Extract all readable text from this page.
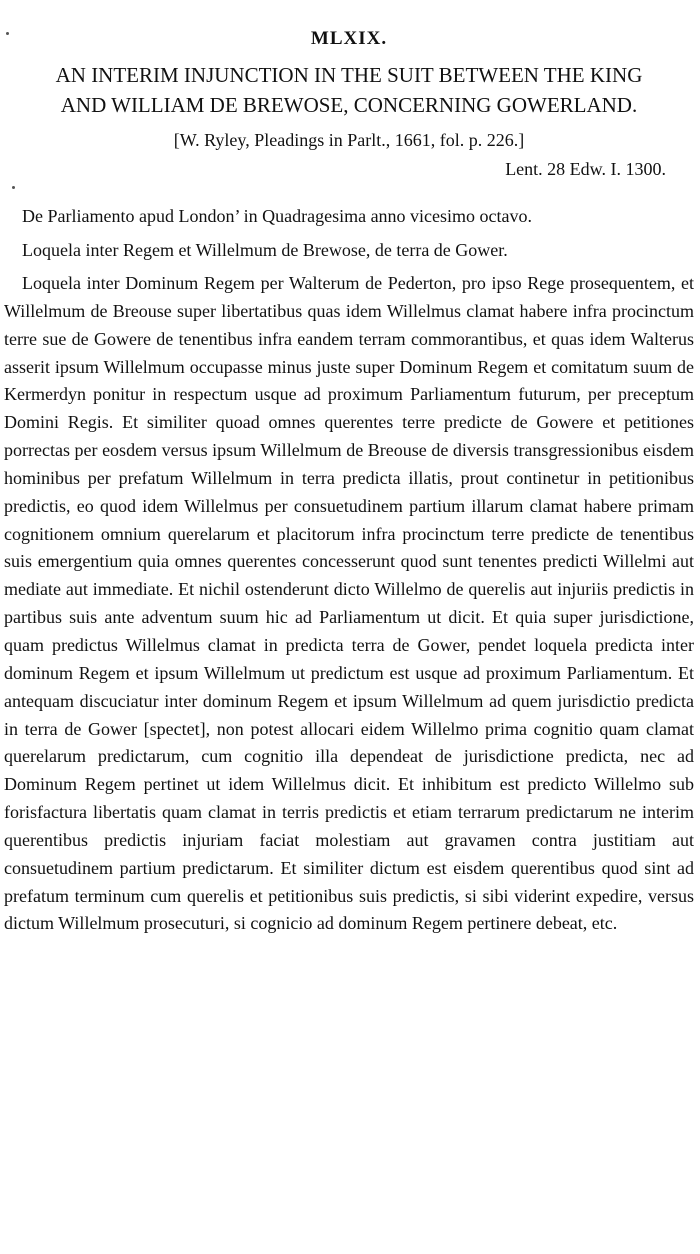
MLXIX.
AN INTERIM INJUNCTION IN THE SUIT BETWEEN THE KING
AND WILLIAM DE BREWOSE, CONCERNING GOWERLAND.
[W. Ryley, Pleadings in Parlt., 1661, fol. p. 226.]
Lent. 28 Edw. I. 1300.

De Parliamento apud London’ in Quadragesima anno vicesimo octavo.

Loquela inter Regem et Willelmum de Brewose, de terra de Gower.

Loquela inter Dominum Regem per Walterum de Pederton, pro ipso Rege prosequentem, et Willelmum de Breouse super libertatibus quas idem Willelmus clamat habere infra procinctum terre sue de Gowere de tenentibus infra eandem terram commorantibus, et quas idem Walterus asserit ipsum Willelmum occupasse minus juste super Dominum Regem et comitatum suum de Kermerdyn ponitur in respectum usque ad proximum Parliamentum futurum, per preceptum Domini Regis. Et similiter quoad omnes querentes terre predicte de Gowere et petitiones porrectas per eosdem versus ipsum Willelmum de Breouse de diversis transgressionibus eisdem hominibus per prefatum Willelmum in terra predicta illatis, prout continetur in petitionibus predictis, eo quod idem Willelmus per consuetudinem partium illarum clamat habere primam cognitionem omnium querelarum et placitorum infra procinctum terre predicte de tenentibus suis emergentium quia omnes querentes concesserunt quod sunt tenentes predicti Willelmi aut mediate aut immediate. Et nichil ostenderunt dicto Willelmo de querelis aut injuriis predictis in partibus suis ante adventum suum hic ad Parliamentum ut dicit. Et quia super jurisdictione, quam predictus Willelmus clamat in predicta terra de Gower, pendet loquela predicta inter dominum Regem et ipsum Willelmum ut predictum est usque ad proximum Parliamentum. Et antequam discuciatur inter dominum Regem et ipsum Willelmum ad quem jurisdictio predicta in terra de Gower [spectet], non potest allocari eidem Willelmo prima cognitio quam clamat querelarum predictarum, cum cognitio illa dependeat de jurisdictione predicta, nec ad Dominum Regem pertinet ut idem Willelmus dicit. Et inhibitum est predicto Willelmo sub forisfactura libertatis quam clamat in terris predictis et etiam terrarum predictarum ne interim querentibus predictis injuriam faciat molestiam aut gravamen contra justitiam aut consuetudinem partium predictarum. Et similiter dictum est eisdem querentibus quod sint ad prefatum terminum cum querelis et petitionibus suis predictis, si sibi viderint expedire, versus dictum Willelmum prosecuturi, si cognicio ad dominum Regem pertinere debeat, etc.
